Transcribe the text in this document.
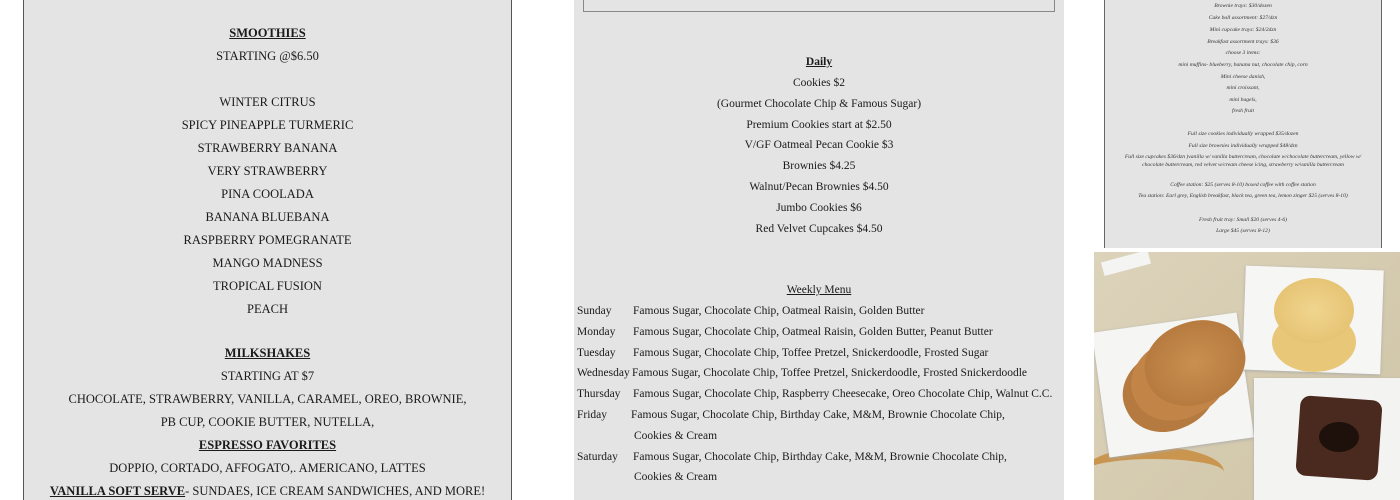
SMOOTHIES
STARTING @$6.50
WINTER CITRUS
SPICY PINEAPPLE TURMERIC
STRAWBERRY BANANA
VERY STRAWBERRY
PINA COOLADA
BANANA BLUEBANA
RASPBERRY POMEGRANATE
MANGO MADNESS
TROPICAL FUSION
PEACH
MILKSHAKES
STARTING AT $7
CHOCOLATE, STRAWBERRY, VANILLA, CARAMEL, OREO, BROWNIE,
PB CUP, COOKIE BUTTER, NUTELLA,
ESPRESSO FAVORITES
DOPPIO, CORTADO, AFFOGATO,. AMERICANO, LATTES
VANILLA SOFT SERVE- SUNDAES, ICE CREAM SANDWICHES, AND MORE!
Daily
Cookies $2
(Gourmet Chocolate Chip & Famous Sugar)
Premium Cookies start at $2.50
V/GF Oatmeal Pecan Cookie $3
Brownies $4.25
Walnut/Pecan Brownies $4.50
Jumbo Cookies $6
Red Velvet Cupcakes $4.50
Weekly Menu
Sunday Famous Sugar, Chocolate Chip, Oatmeal Raisin, Golden Butter
Monday Famous Sugar, Chocolate Chip, Oatmeal Raisin, Golden Butter, Peanut Butter
Tuesday Famous Sugar, Chocolate Chip, Toffee Pretzel, Snickerdoodle, Frosted Sugar
Wednesday Famous Sugar, Chocolate Chip, Toffee Pretzel, Snickerdoodle, Frosted Snickerdoodle
Thursday Famous Sugar, Chocolate Chip, Raspberry Cheesecake, Oreo Chocolate Chip, Walnut C.C.
Friday Famous Sugar, Chocolate Chip, Birthday Cake, M&M, Brownie Chocolate Chip,
Cookies & Cream
Saturday Famous Sugar, Chocolate Chip, Birthday Cake, M&M, Brownie Chocolate Chip,
Cookies & Cream
Brownie trays: $30/dozen
Cake ball assortment: $27/dzn
Mini cupcake trays: $24/2dzn
Breakfast assortment trays: $36
choose 3 items:
mini muffins- blueberry, banana nut, chocolate chip, corn
Mini cheese danish,
mini croissant,
mini bagels,
fresh fruit
Full size cookies individually wrapped $35/dozen
Full size brownies individually wrapped $48/dzn
Full size cupcakes $36/dzn )vanilla w/ vanilla buttercream, chocolate w/chocolate buttercream, yellow w/
chocolate buttercream, red velvet w/cream cheese icing, strawberry w/vanilla buttercream
Coffee station: $25 (serves 8-10) boxed coffee with coffee station
Tea station: Earl grey, English breakfast, black tea, green tea, lemon zinger $25 (serves 8-10)
Fresh fruit tray: Small $20 (serves 4-6)
Large $45 (serves 8-12)
